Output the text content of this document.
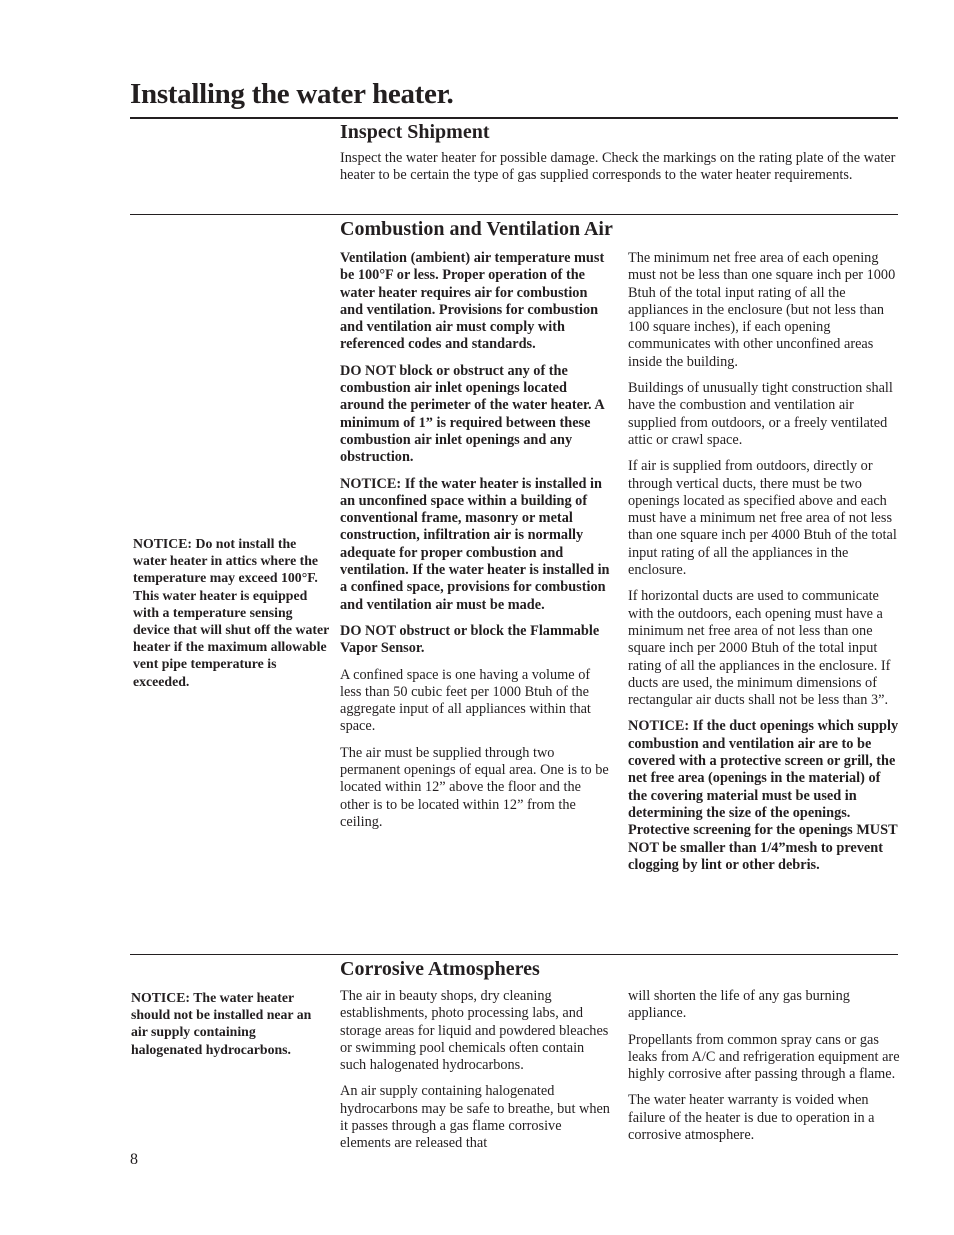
Installing the water heater.
Inspect Shipment

Inspect the water heater for possible damage. Check the markings on the rating plate of the water heater to be certain the type of gas supplied corresponds to the water heater requirements.

Combustion and Ventilation Air

NOTICE: Do not install the water heater in attics where the temperature may exceed 100°F. This water heater is equipped with a temperature sensing device that will shut off the water heater if the maximum allowable vent pipe temperature is exceeded.

Ventilation (ambient) air temperature must be 100°F or less. Proper operation of the water heater requires air for combustion and ventilation. Provisions for combustion and ventilation air must comply with referenced codes and standards.

DO NOT block or obstruct any of the combustion air inlet openings located around the perimeter of the water heater. A minimum of 1” is required between these combustion air inlet openings and any obstruction.

NOTICE: If the water heater is installed in an unconfined space within a building of conventional frame, masonry or metal construction, infiltration air is normally adequate for proper combustion and ventilation. If the water heater is installed in a confined space, provisions for combustion and ventilation air must be made.

DO NOT obstruct or block the Flammable Vapor Sensor.

A confined space is one having a volume of less than 50 cubic feet per 1000 Btuh of the aggregate input of all appliances within that space.

The air must be supplied through two permanent openings of equal area. One is to be located within 12” above the floor and the other is to be located within 12” from the ceiling.

The minimum net free area of each opening must not be less than one square inch per 1000 Btuh of the total input rating of all the appliances in the enclosure (but not less than 100 square inches), if each opening communicates with other unconfined areas inside the building.

Buildings of unusually tight construction shall have the combustion and ventilation air supplied from outdoors, or a freely ventilated attic or crawl space.

If air is supplied from outdoors, directly or through vertical ducts, there must be two openings located as specified above and each must have a minimum net free area of not less than one square inch per 4000 Btuh of the total input rating of all the appliances in the enclosure.

If horizontal ducts are used to communicate with the outdoors, each opening must have a minimum net free area of not less than one square inch per 2000 Btuh of the total input rating of all the appliances in the enclosure. If ducts are used, the minimum dimensions of rectangular air ducts shall not be less than 3”.

NOTICE: If the duct openings which supply combustion and ventilation air are to be covered with a protective screen or grill, the net free area (openings in the material) of the covering material must be used in determining the size of the openings. Protective screening for the openings MUST NOT be smaller than 1/4”mesh to prevent clogging by lint or other debris.

Corrosive Atmospheres

NOTICE: The water heater should not be installed near an air supply containing halogenated hydrocarbons.

The air in beauty shops, dry cleaning establishments, photo processing labs, and storage areas for liquid and powdered bleaches or swimming pool chemicals often contain such halogenated hydrocarbons.

An air supply containing halogenated hydrocarbons may be safe to breathe, but when it passes through a gas flame corrosive elements are released that

will shorten the life of any gas burning appliance.

Propellants from common spray cans or gas leaks from A/C and refrigeration equipment are highly corrosive after passing through a flame.

The water heater warranty is voided when failure of the heater is due to operation in a corrosive atmosphere.

8
